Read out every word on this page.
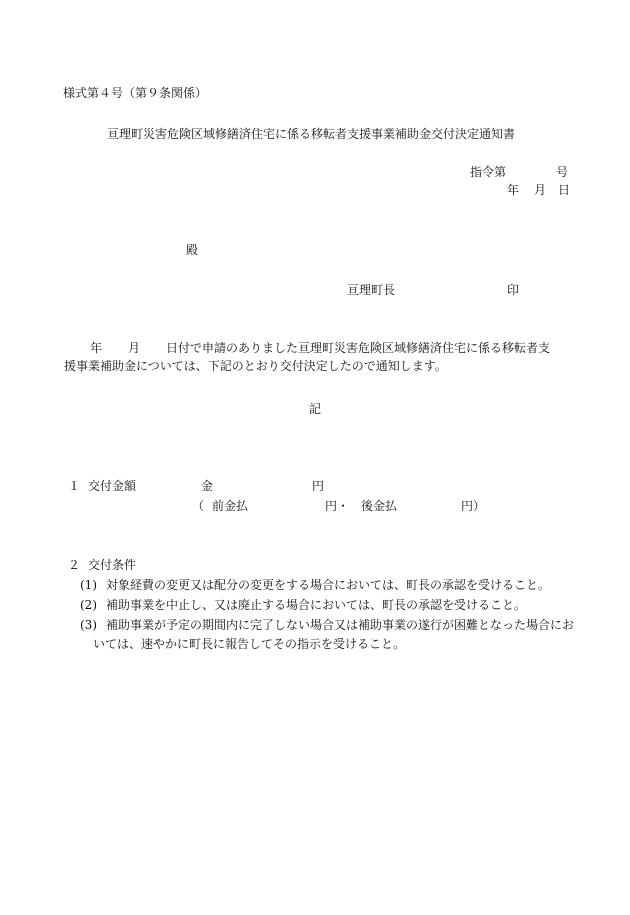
様式第４号（第９条関係）
亘理町災害危険区域修繕済住宅に係る移転者支援事業補助金交付決定通知書
指令第	号
年 月 日
殿
亘理町長	印
年 月 日付で申請のありました亘理町災害危険区域修繕済住宅に係る移転者支
援事業補助金については、下記のとおり交付決定したので通知します。
記
１ 交付金額	金	円
（ 前金払	円・ 後金払	円）
２ 交付条件
(1) 対象経費の変更又は配分の変更をする場合においては、町長の承認を受けること。
(2) 補助事業を中止し、又は廃止する場合においては、町長の承認を受けること。
(3) 補助事業が予定の期間内に完了しない場合又は補助事業の遂行が困難となった場合にお
いては、速やかに町長に報告してその指示を受けること。
